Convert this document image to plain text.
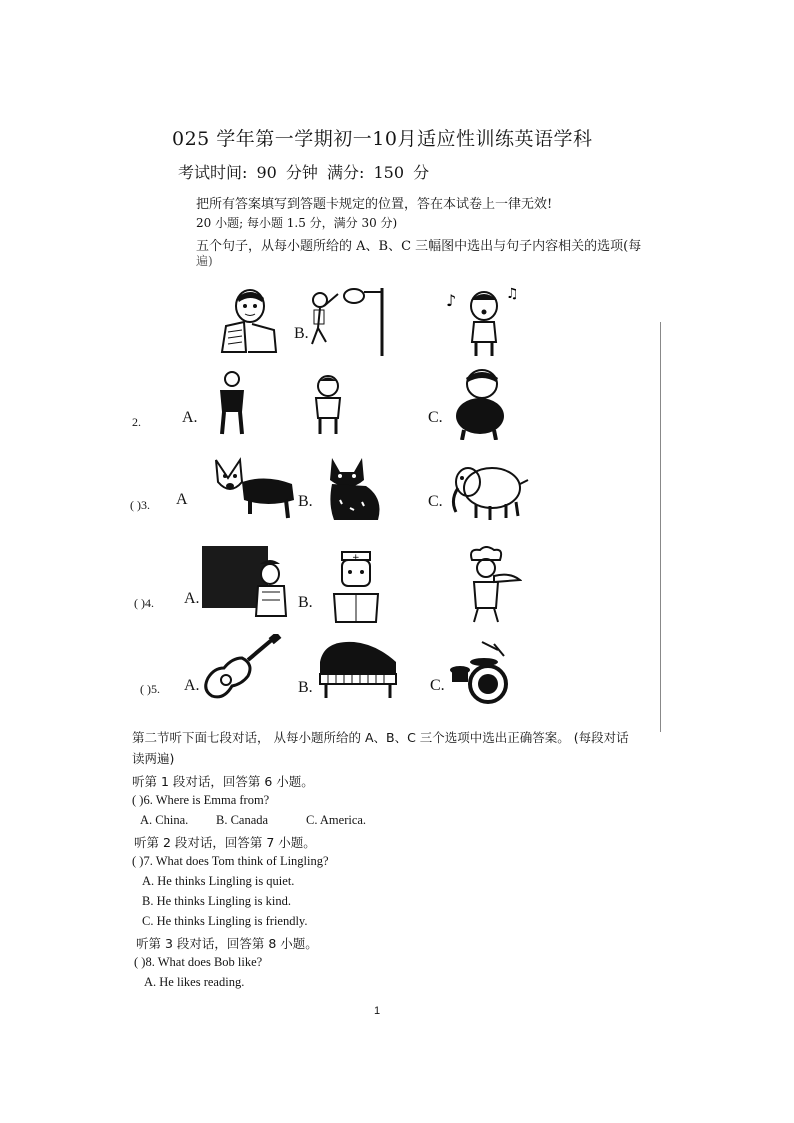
025 学年第一学期初一10月适应性训练英语学科
考试时间: 90 分钟 满分: 150 分
把所有答案填写到答题卡规定的位置，答在本试卷上一律无效!
20 小题; 每小题 1.5 分，满分 30 分)
五个句子，从每小题所给的 A、B、C 三幅图中选出与句子内容相关的选项(每
遍)
B.
♪	♫
2.	A.	C.
( )3. A	B.	C.
( )4. A.	B.
+
( )5. A.	B.	C.
第二节听下面七段对话， 从每小题所给的 A、B、C 三个选项中选出正确答案。 (每段对话
读两遍)
听第 1 段对话，回答第 6 小题。
( )6. Where is Emma from?
A. China. B. Canada	C. America.
听第 2 段对话，回答第 7 小题。
( )7. What does Tom think of Lingling?
A. He thinks Lingling is quiet.
B. He thinks Lingling is kind.
C. He thinks Lingling is friendly.
听第 3 段对话，回答第 8 小题。
( )8. What does Bob like?
A. He likes reading.
1
